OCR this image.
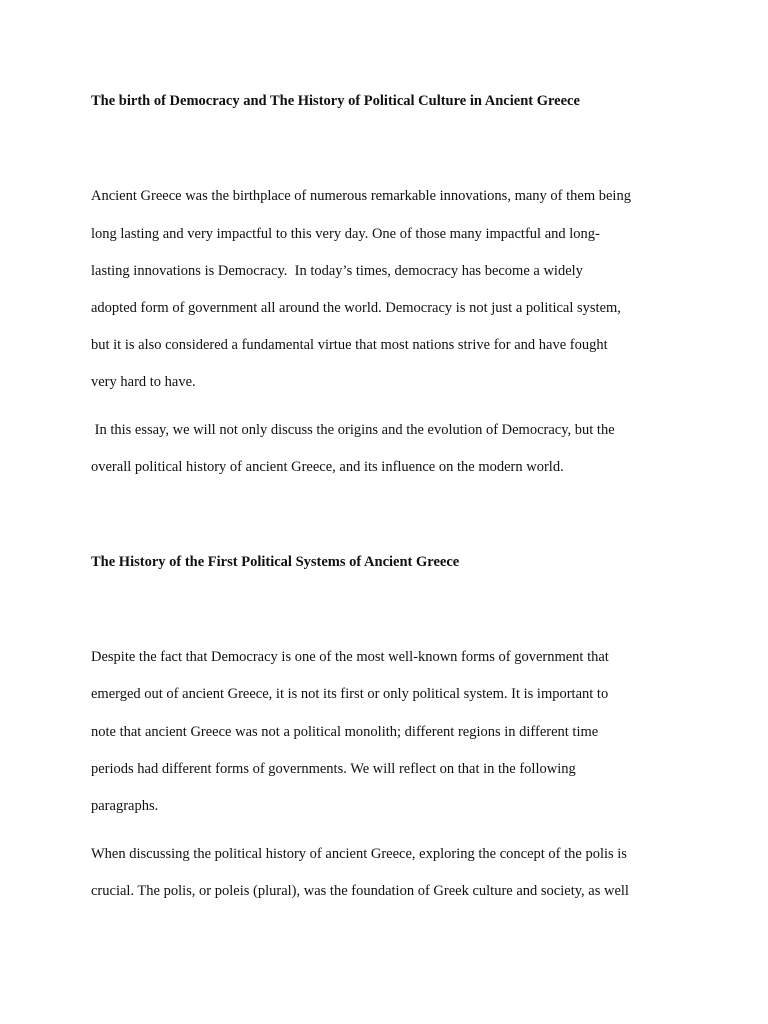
The birth of Democracy and The History of Political Culture in Ancient Greece

Ancient Greece was the birthplace of numerous remarkable innovations, many of them being

long lasting and very impactful to this very day. One of those many impactful and long-

lasting innovations is Democracy.  In today’s times, democracy has become a widely

adopted form of government all around the world. Democracy is not just a political system,

but it is also considered a fundamental virtue that most nations strive for and have fought

very hard to have.

In this essay, we will not only discuss the origins and the evolution of Democracy, but the

overall political history of ancient Greece, and its influence on the modern world.

The History of the First Political Systems of Ancient Greece

Despite the fact that Democracy is one of the most well-known forms of government that

emerged out of ancient Greece, it is not its first or only political system. It is important to

note that ancient Greece was not a political monolith; different regions in different time

periods had different forms of governments. We will reflect on that in the following

paragraphs.

When discussing the political history of ancient Greece, exploring the concept of the polis is

crucial. The polis, or poleis (plural), was the foundation of Greek culture and society, as well
